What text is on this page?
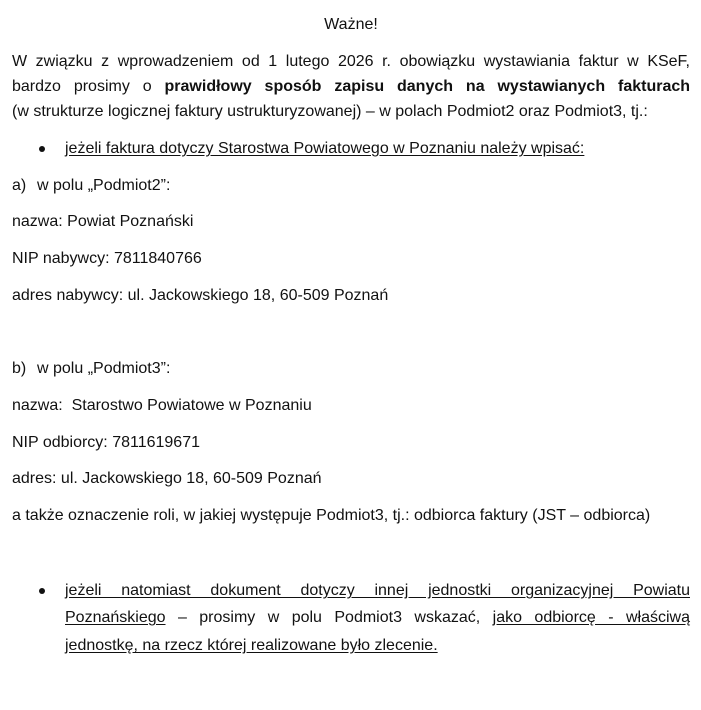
Ważne!
W związku z wprowadzeniem od 1 lutego 2026 r. obowiązku wystawiania faktur w KSeF,
bardzo prosimy o prawidłowy sposób zapisu danych na wystawianych fakturach
(w strukturze logicznej faktury ustrukturyzowanej) – w polach Podmiot2 oraz Podmiot3, tj.:
jeżeli faktura dotyczy Starostwa Powiatowego w Poznaniu należy wpisać:
a) w polu „Podmiot2”:
nazwa: Powiat Poznański
NIP nabywcy: 7811840766
adres nabywcy: ul. Jackowskiego 18, 60-509 Poznań
b) w polu „Podmiot3”:
nazwa:  Starostwo Powiatowe w Poznaniu
NIP odbiorcy: 7811619671
adres: ul. Jackowskiego 18, 60-509 Poznań
a także oznaczenie roli, w jakiej występuje Podmiot3, tj.: odbiorca faktury (JST – odbiorca)
jeżeli natomiast dokument dotyczy innej jednostki organizacyjnej Powiatu
Poznańskiego – prosimy w polu Podmiot3 wskazać, jako odbiorcę - właściwą
jednostkę, na rzecz której realizowane było zlecenie.
